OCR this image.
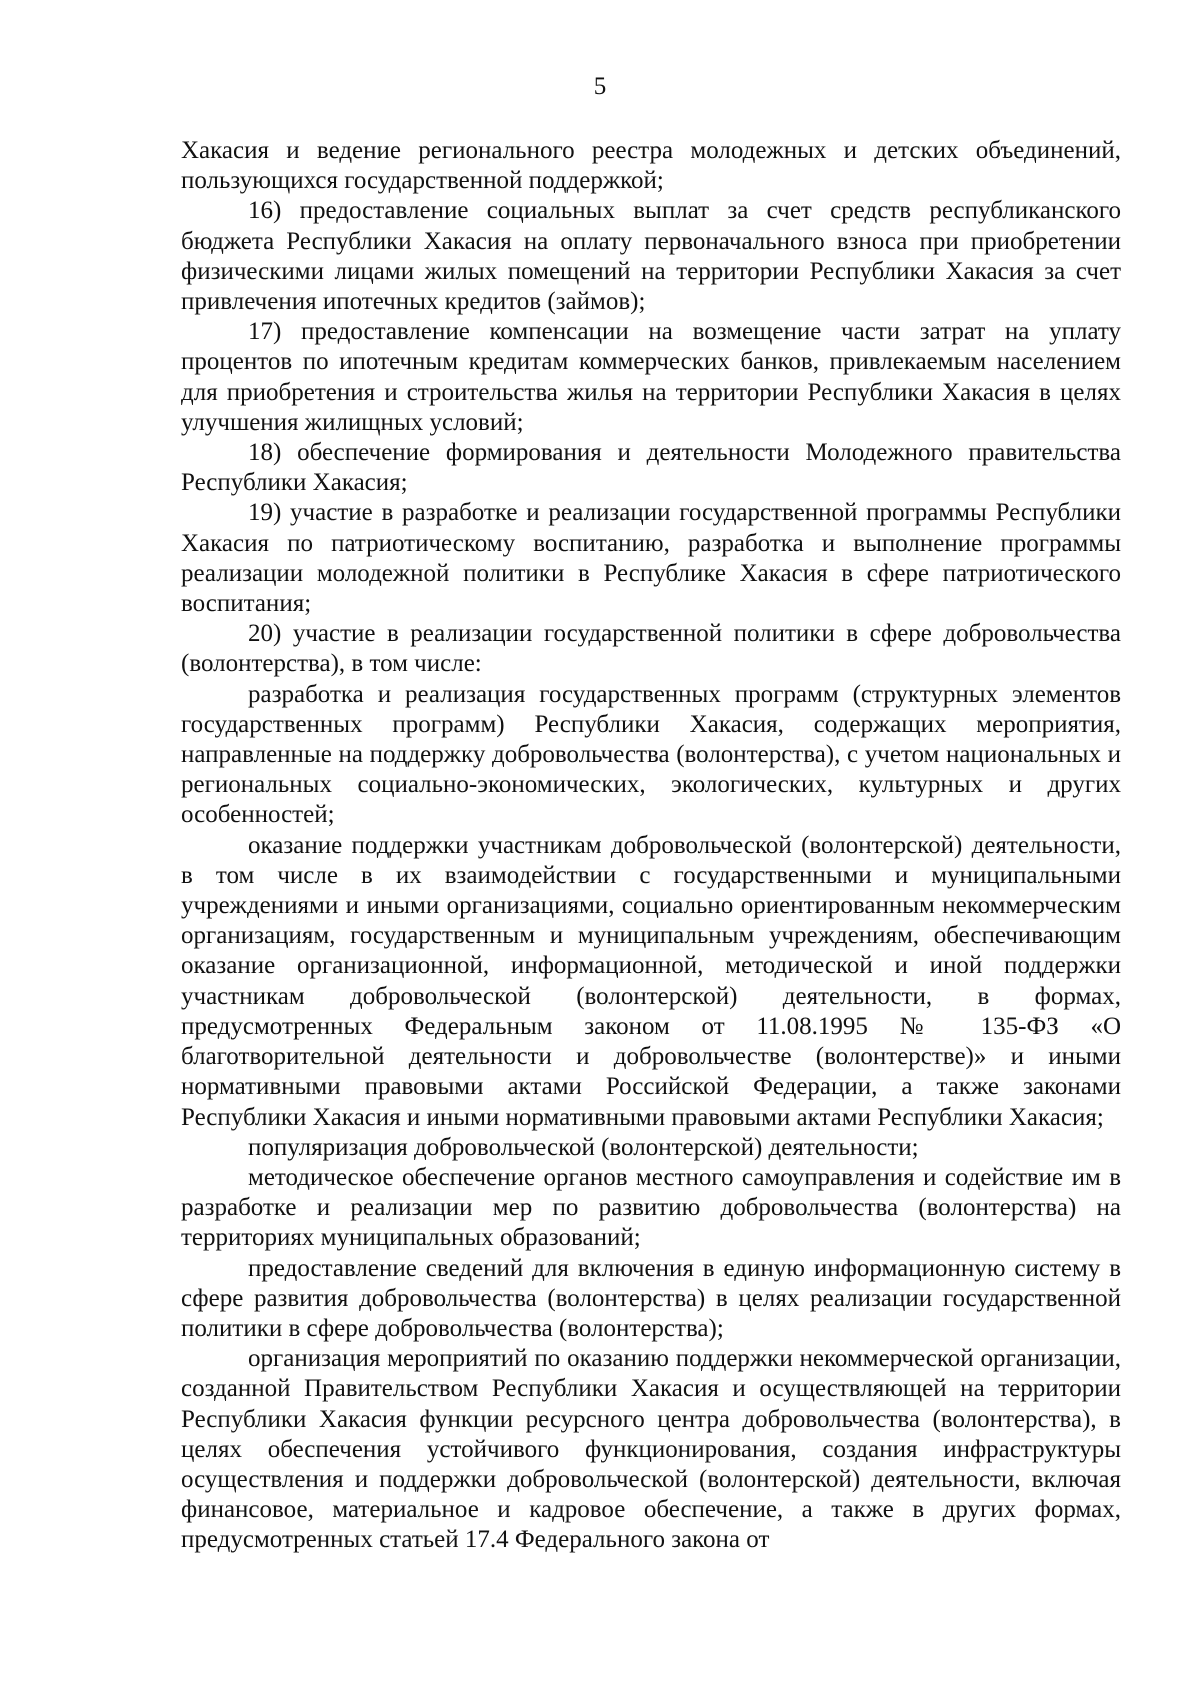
5

Хакасия и ведение регионального реестра молодежных и детских объединений, пользующихся государственной поддержкой;

16) предоставление социальных выплат за счет средств республиканского бюджета Республики Хакасия на оплату первоначального взноса при приобретении физическими лицами жилых помещений на территории Республики Хакасия за счет привлечения ипотечных кредитов (займов);

17) предоставление компенсации на возмещение части затрат на уплату процентов по ипотечным кредитам коммерческих банков, привлекаемым населением для приобретения и строительства жилья на территории Республики Хакасия в целях улучшения жилищных условий;

18) обеспечение формирования и деятельности Молодежного правительства Республики Хакасия;

19) участие в разработке и реализации государственной программы Республики Хакасия по патриотическому воспитанию, разработка и выполнение программы реализации молодежной политики в Республике Хакасия в сфере патриотического воспитания;

20) участие в реализации государственной политики в сфере добровольчества (волонтерства), в том числе:

разработка и реализация государственных программ (структурных элементов государственных программ) Республики Хакасия, содержащих мероприятия, направленные на поддержку добровольчества (волонтерства), с учетом национальных и региональных социально-экономических, экологических, культурных и других особенностей;

оказание поддержки участникам добровольческой (волонтерской) деятельности, в том числе в их взаимодействии с государственными и муниципальными учреждениями и иными организациями, социально ориентированным некоммерческим организациям, государственным и муниципальным учреждениям, обеспечивающим оказание организационной, информационной, методической и иной поддержки участникам добровольческой (волонтерской) деятельности, в формах, предусмотренных Федеральным законом от 11.08.1995 № 135-ФЗ «О благотворительной деятельности и добровольчестве (волонтерстве)» и иными нормативными правовыми актами Российской Федерации, а также законами Республики Хакасия и иными нормативными правовыми актами Республики Хакасия;

популяризация добровольческой (волонтерской) деятельности;

методическое обеспечение органов местного самоуправления и содействие им в разработке и реализации мер по развитию добровольчества (волонтерства) на территориях муниципальных образований;

предоставление сведений для включения в единую информационную систему в сфере развития добровольчества (волонтерства) в целях реализации государственной политики в сфере добровольчества (волонтерства);

организация мероприятий по оказанию поддержки некоммерческой организации, созданной Правительством Республики Хакасия и осуществляющей на территории Республики Хакасия функции ресурсного центра добровольчества (волонтерства), в целях обеспечения устойчивого функционирования, создания инфраструктуры осуществления и поддержки добровольческой (волонтерской) деятельности, включая финансовое, материальное и кадровое обеспечение, а также в других формах, предусмотренных статьей 17.4 Федерального закона от
